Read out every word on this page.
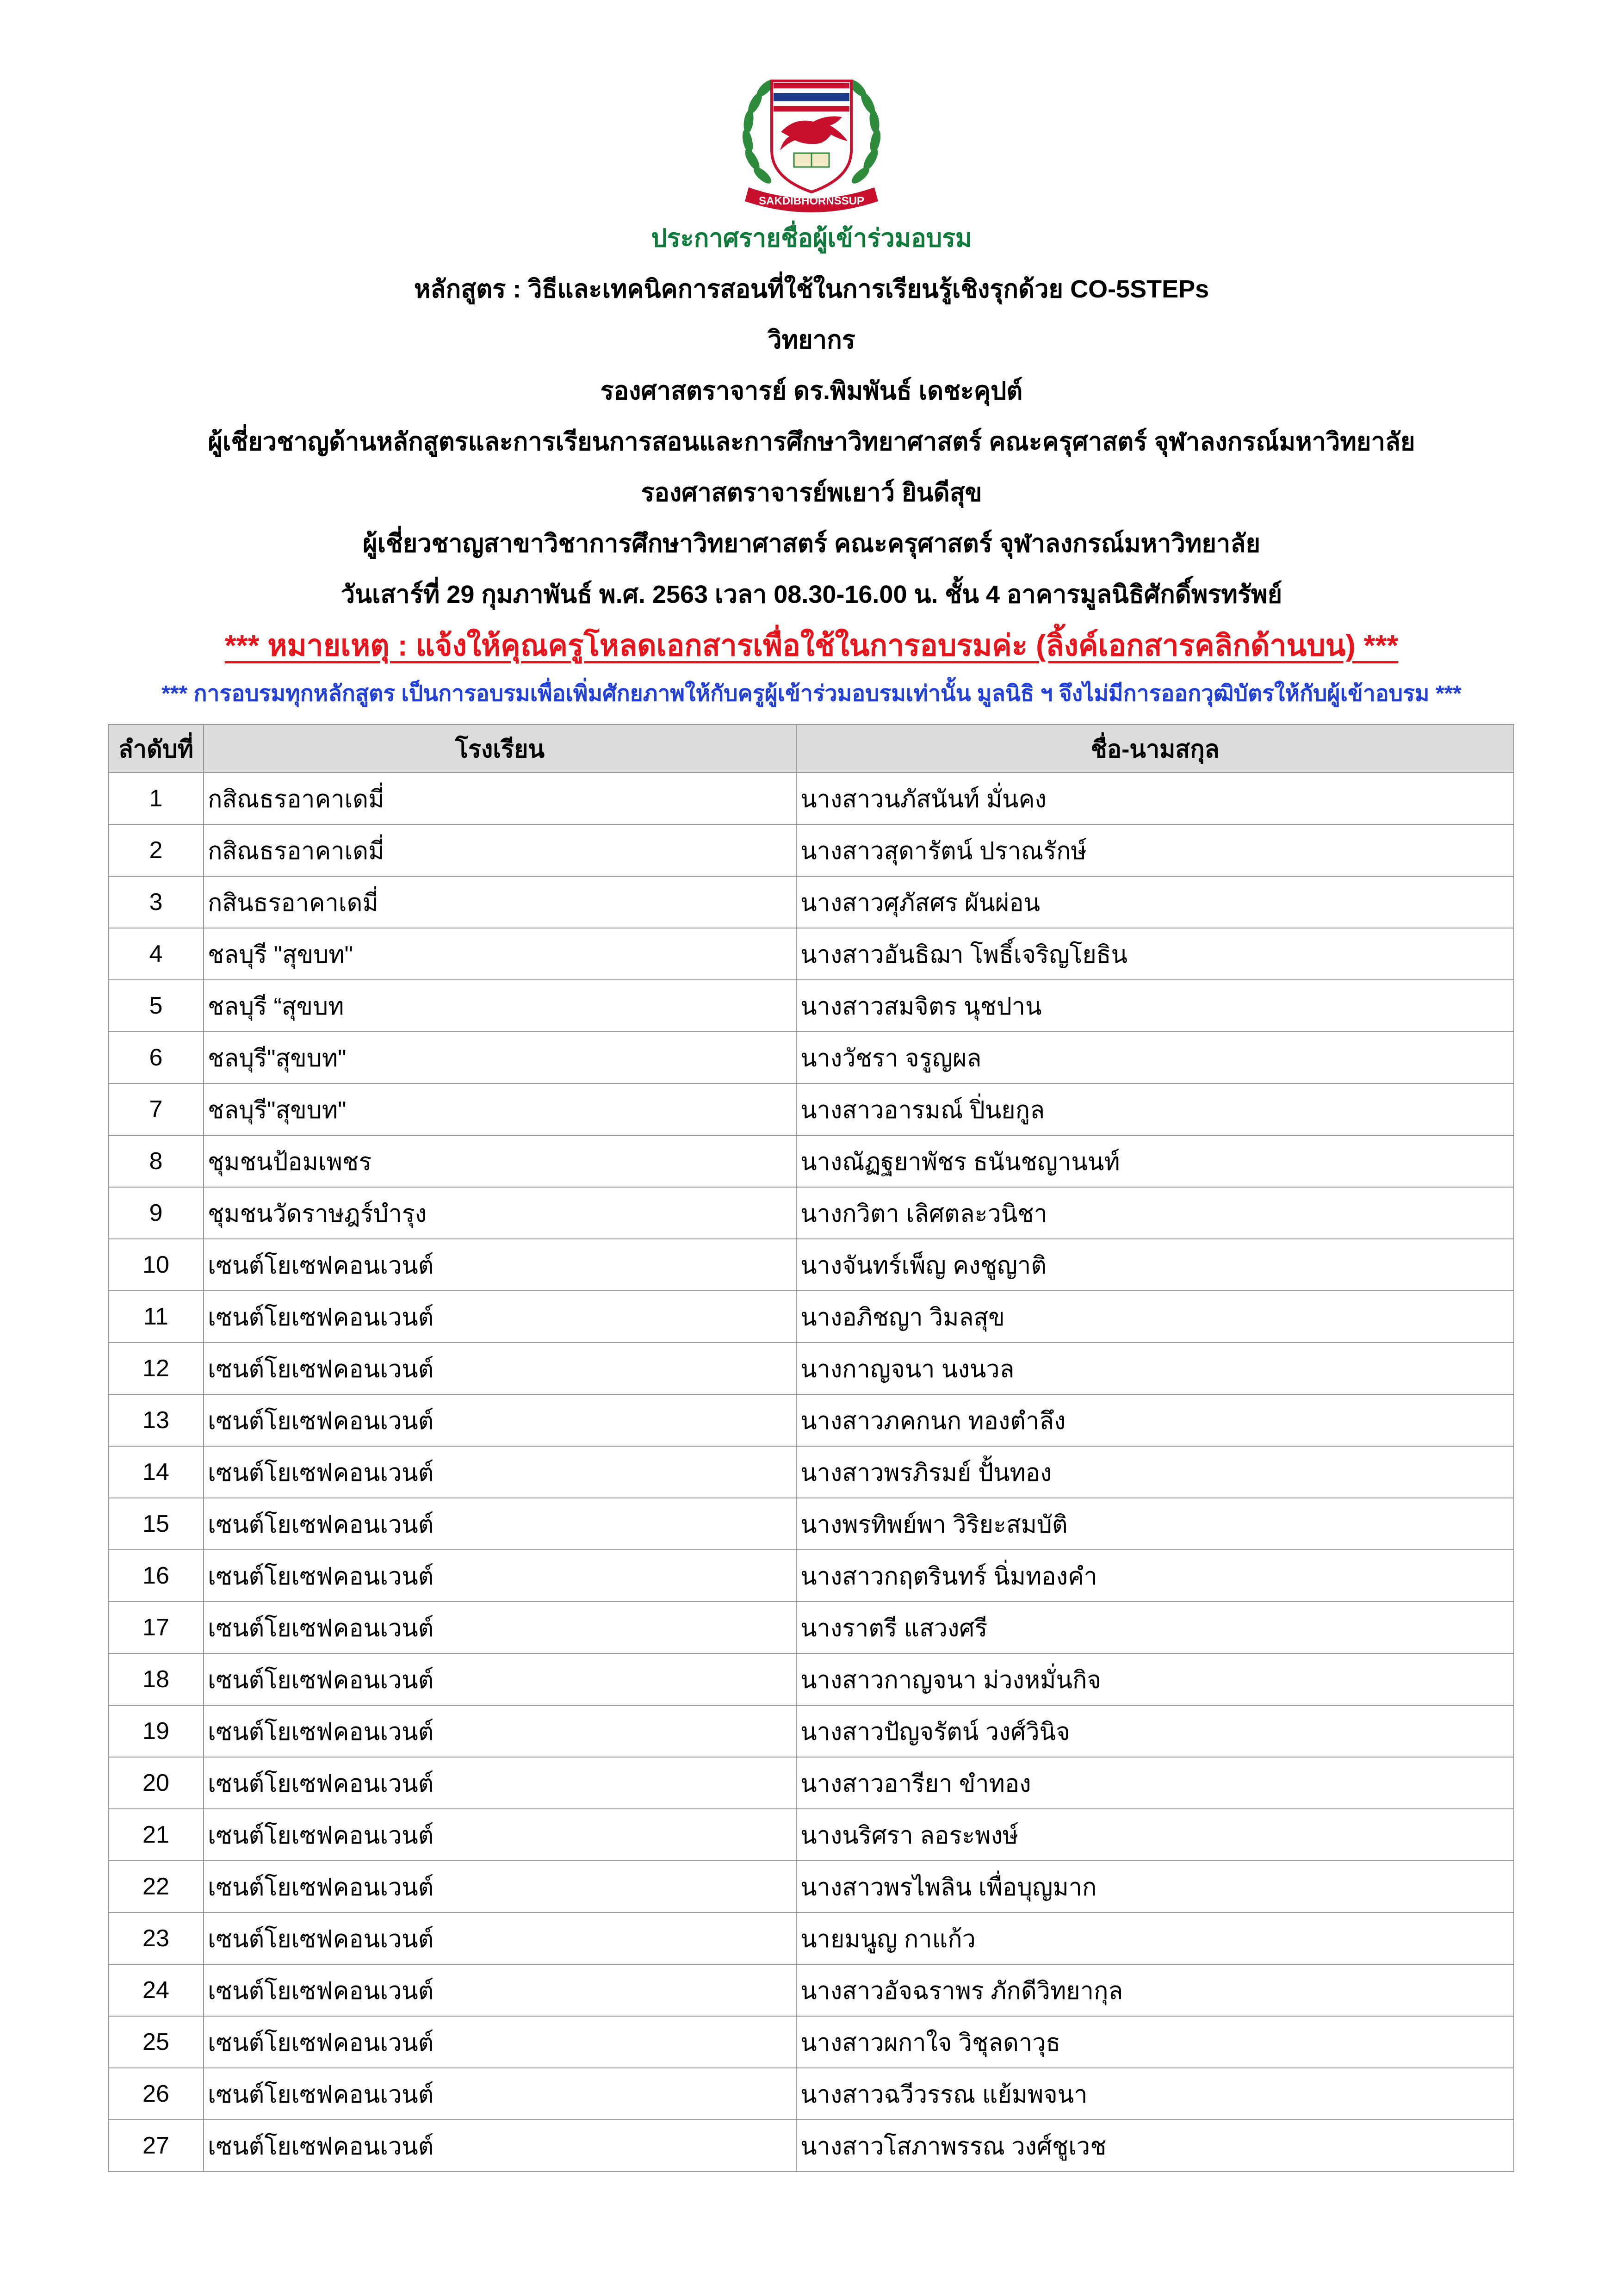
SAKDIBHORNSSUP
ประกาศรายชื่อผู้เข้าร่วมอบรม
หลักสูตร : วิธีและเทคนิคการสอนที่ใช้ในการเรียนรู้เชิงรุกด้วย CO-5STEPs
วิทยากร
รองศาสตราจารย์ ดร.พิมพันธ์ เดชะคุปต์
ผู้เชี่ยวชาญด้านหลักสูตรและการเรียนการสอนและการศึกษาวิทยาศาสตร์ คณะครุศาสตร์ จุฬาลงกรณ์มหาวิทยาลัย
รองศาสตราจารย์พเยาว์ ยินดีสุข
ผู้เชี่ยวชาญสาขาวิชาการศึกษาวิทยาศาสตร์ คณะครุศาสตร์ จุฬาลงกรณ์มหาวิทยาลัย
วันเสาร์ที่ 29 กุมภาพันธ์ พ.ศ. 2563 เวลา 08.30-16.00 น. ชั้น 4 อาคารมูลนิธิศักดิ์พรทรัพย์
*** หมายเหตุ : แจ้งให้คุณครูโหลดเอกสารเพื่อใช้ในการอบรมค่ะ (ลิ้งค์เอกสารคลิกด้านบน) ***
*** การอบรมทุกหลักสูตร เป็นการอบรมเพื่อเพิ่มศักยภาพให้กับครูผู้เข้าร่วมอบรมเท่านั้น มูลนิธิ ฯ จึงไม่มีการออกวุฒิบัตรให้กับผู้เข้าอบรม ***
ลำดับที่	โรงเรียน	ชื่อ-นามสกุล
1	กสิณธรอาคาเดมี่	นางสาวนภัสนันท์ มั่นคง
2	กสิณธรอาคาเดมี่	นางสาวสุดารัตน์ ปราณรักษ์
3	กสินธรอาคาเดมี่	นางสาวศุภัสศร ผันผ่อน
4	ชลบุรี "สุขบท"	นางสาวอันธิฌา โพธิ์เจริญโยธิน
5	ชลบุรี “สุขบท	นางสาวสมจิตร นุชปาน
6	ชลบุรี"สุขบท"	นางวัชรา จรูญผล
7	ชลบุรี"สุขบท"	นางสาวอารมณ์ ปิ่นยกูล
8	ชุมชนป้อมเพชร	นางณัฏฐยาพัชร ธนันชญานนท์
9	ชุมชนวัดราษฎร์บำรุง	นางกวิตา เลิศตละวนิชา
10	เซนต์โยเซฟคอนเวนต์	นางจันทร์เพ็ญ คงชูญาติ
11	เซนต์โยเซฟคอนเวนต์	นางอภิชญา วิมลสุข
12	เซนต์โยเซฟคอนเวนต์	นางกาญจนา นงนวล
13	เซนต์โยเซฟคอนเวนต์	นางสาวภคกนก ทองตำลึง
14	เซนต์โยเซฟคอนเวนต์	นางสาวพรภิรมย์ ปั้นทอง
15	เซนต์โยเซฟคอนเวนต์	นางพรทิพย์พา วิริยะสมบัติ
16	เซนต์โยเซฟคอนเวนต์	นางสาวกฤตรินทร์ นิ่มทองคำ
17	เซนต์โยเซฟคอนเวนต์	นางราตรี แสวงศรี
18	เซนต์โยเซฟคอนเวนต์	นางสาวกาญจนา ม่วงหมั่นกิจ
19	เซนต์โยเซฟคอนเวนต์	นางสาวปัญจรัตน์ วงศ์วินิจ
20	เซนต์โยเซฟคอนเวนต์	นางสาวอารียา ขำทอง
21	เซนต์โยเซฟคอนเวนต์	นางนริศรา ลอระพงษ์
22	เซนต์โยเซฟคอนเวนต์	นางสาวพรไพลิน เพื่อบุญมาก
23	เซนต์โยเซฟคอนเวนต์	นายมนูญ กาแก้ว
24	เซนต์โยเซฟคอนเวนต์	นางสาวอัจฉราพร ภักดีวิทยากุล
25	เซนต์โยเซฟคอนเวนต์	นางสาวผกาใจ วิชุลดาวุธ
26	เซนต์โยเซฟคอนเวนต์	นางสาวฉวีวรรณ แย้มพจนา
27	เซนต์โยเซฟคอนเวนต์	นางสาวโสภาพรรณ วงศ์ชูเวช
